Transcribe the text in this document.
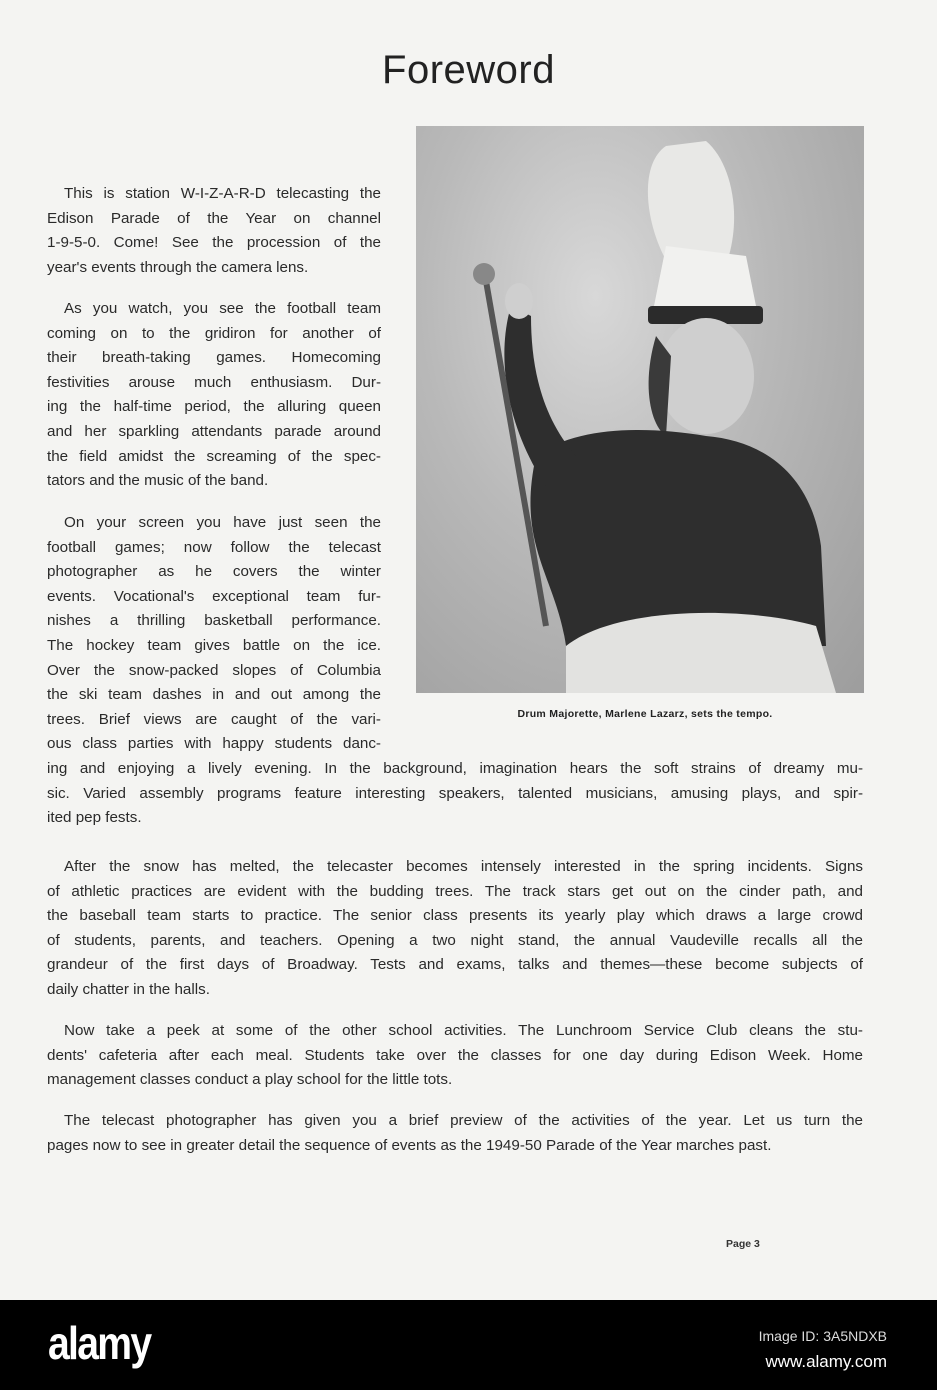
Foreword
This is station W-I-Z-A-R-D telecasting the
Edison Parade of the Year on channel
1-9-5-0. Come! See the procession of the
year's events through the camera lens.
As you watch, you see the football team
coming on to the gridiron for another of
their breath-taking games. Homecoming
festivities arouse much enthusiasm. Dur-
ing the half-time period, the alluring queen
and her sparkling attendants parade around
the field amidst the screaming of the spec-
tators and the music of the band.
On your screen you have just seen the
football games; now follow the telecast
photographer as he covers the winter
events. Vocational's exceptional team fur-
nishes a thrilling basketball performance.
The hockey team gives battle on the ice.
Over the snow-packed slopes of Columbia
the ski team dashes in and out among the
trees. Brief views are caught of the vari-
ous class parties with happy students danc-
ing and enjoying a lively evening. In the background, imagination hears the soft strains of dreamy mu-
sic. Varied assembly programs feature interesting speakers, talented musicians, amusing plays, and spir-
ited pep fests.
After the snow has melted, the telecaster becomes intensely interested in the spring incidents. Signs
of athletic practices are evident with the budding trees. The track stars get out on the cinder path, and
the baseball team starts to practice. The senior class presents its yearly play which draws a large crowd
of students, parents, and teachers. Opening a two night stand, the annual Vaudeville recalls all the
grandeur of the first days of Broadway. Tests and exams, talks and themes—these become subjects of
daily chatter in the halls.
Now take a peek at some of the other school activities. The Lunchroom Service Club cleans the stu-
dents' cafeteria after each meal. Students take over the classes for one day during Edison Week. Home
management classes conduct a play school for the little tots.
The telecast photographer has given you a brief preview of the activities of the year. Let us turn the
pages now to see in greater detail the sequence of events as the 1949-50 Parade of the Year marches past.
Drum Majorette, Marlene Lazarz, sets the tempo.
Page 3
alamy	Image ID: 3A5NDXB
www.alamy.com
